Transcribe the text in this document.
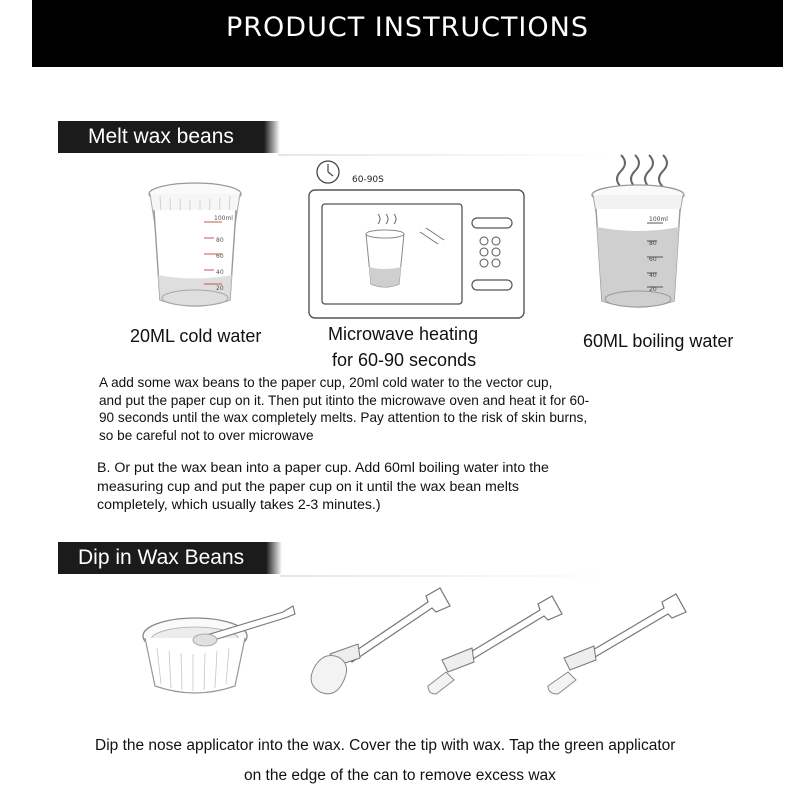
PRODUCT INSTRUCTIONS
Melt wax beans
100ml
80
60
40
20
60-90S
100ml
80
60
40
20
20ML cold water	Microwave heating
for 60-90 seconds
60ML boiling water
A add some wax beans to the paper cup, 20ml cold water to the vector cup,
and put the paper cup on it. Then put itinto the microwave oven and heat it for 60-
90 seconds until the wax completely melts. Pay attention to the risk of skin burns,
so be careful not to over microwave
B. Or put the wax bean into a paper cup. Add 60ml boiling water into the
measuring cup and put the paper cup on it until the wax bean melts
completely, which usually takes 2-3 minutes.)
Dip in Wax Beans
Dip the nose applicator into the wax. Cover the tip with wax. Tap the green applicator
on the edge of the can to remove excess wax
